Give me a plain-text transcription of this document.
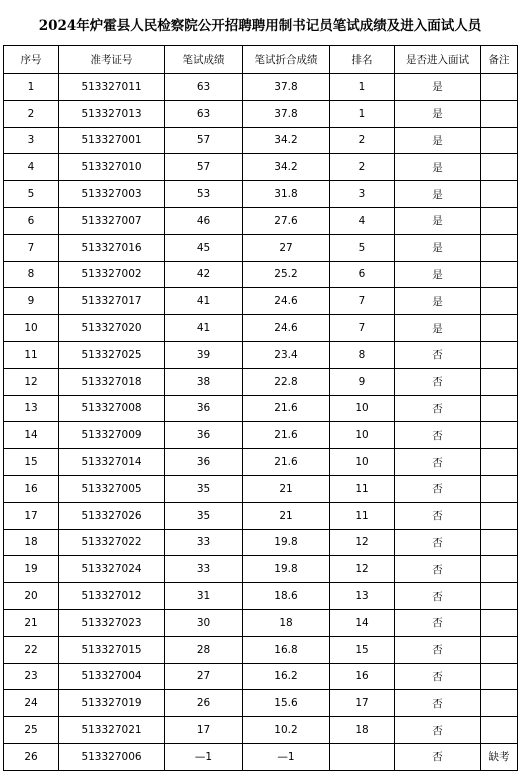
2024年炉霍县人民检察院公开招聘聘用制书记员笔试成绩及进入面试人员
序号	准考证号	笔试成绩	笔试折合成绩	排名	是否进入面试	备注
1	513327011	63	37.8	1	是	
2	513327013	63	37.8	1	是	
3	513327001	57	34.2	2	是	
4	513327010	57	34.2	2	是	
5	513327003	53	31.8	3	是	
6	513327007	46	27.6	4	是	
7	513327016	45	27	5	是	
8	513327002	42	25.2	6	是	
9	513327017	41	24.6	7	是	
10	513327020	41	24.6	7	是	
11	513327025	39	23.4	8	否	
12	513327018	38	22.8	9	否	
13	513327008	36	21.6	10	否	
14	513327009	36	21.6	10	否	
15	513327014	36	21.6	10	否	
16	513327005	35	21	11	否	
17	513327026	35	21	11	否	
18	513327022	33	19.8	12	否	
19	513327024	33	19.8	12	否	
20	513327012	31	18.6	13	否	
21	513327023	30	18	14	否	
22	513327015	28	16.8	15	否	
23	513327004	27	16.2	16	否	
24	513327019	26	15.6	17	否	
25	513327021	17	10.2	18	否	
26	513327006	—1	—1		否	缺考
